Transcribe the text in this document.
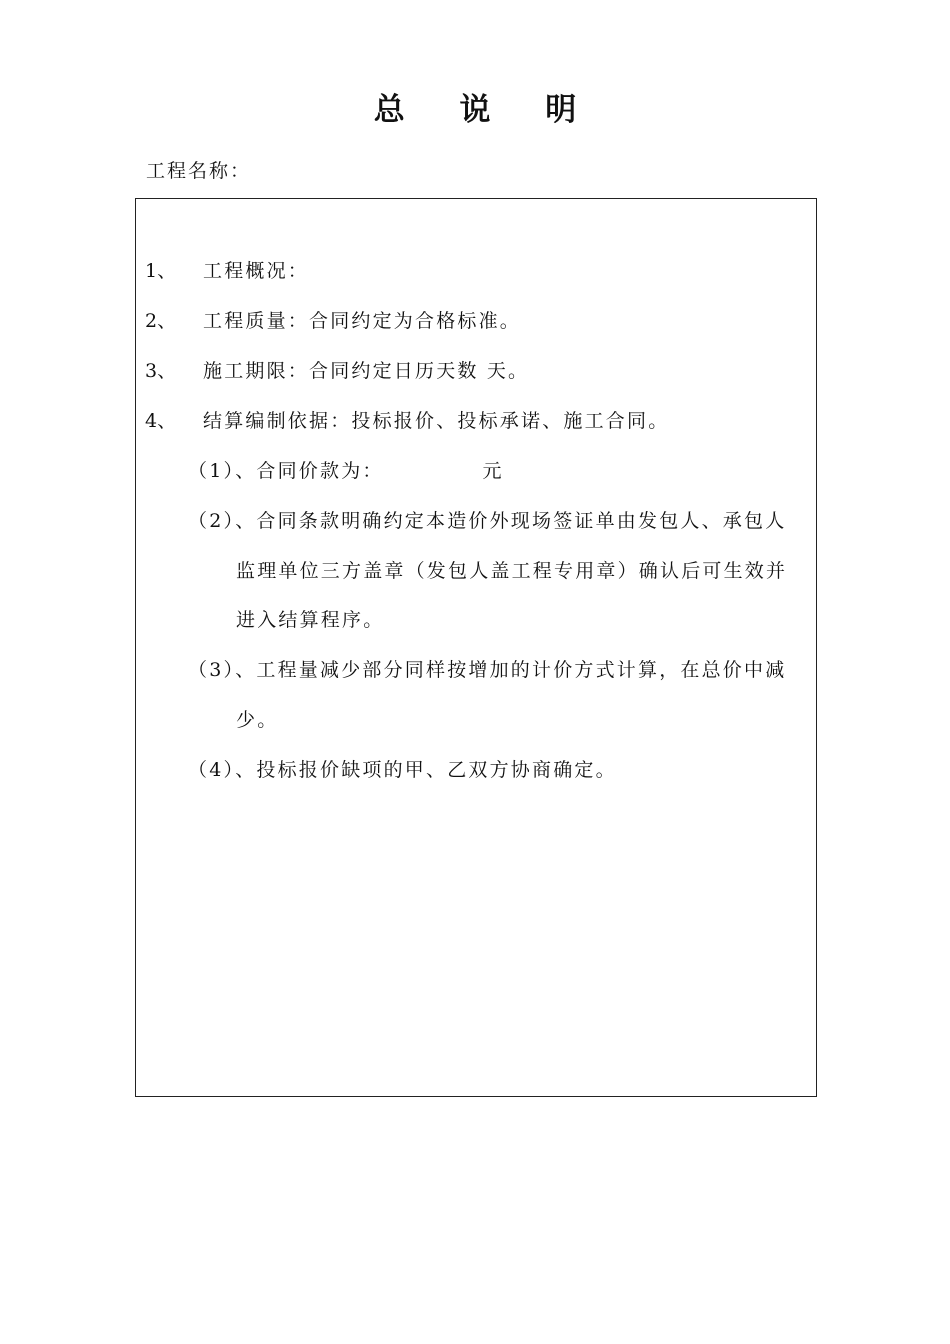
总 说 明
工程名称：
1、 工程概况：
2、 工程质量：合同约定为合格标准。
3、 施工期限：合同约定日历天数 天。
4、 结算编制依据：投标报价、投标承诺、施工合同。
（1）、合同价款为：            元
（2）、合同条款明确约定本造价外现场签证单由发包人、承包人
监理单位三方盖章（发包人盖工程专用章）确认后可生效并
进入结算程序。
（3）、工程量减少部分同样按增加的计价方式计算，在总价中减
少。
（4）、投标报价缺项的甲、乙双方协商确定。
